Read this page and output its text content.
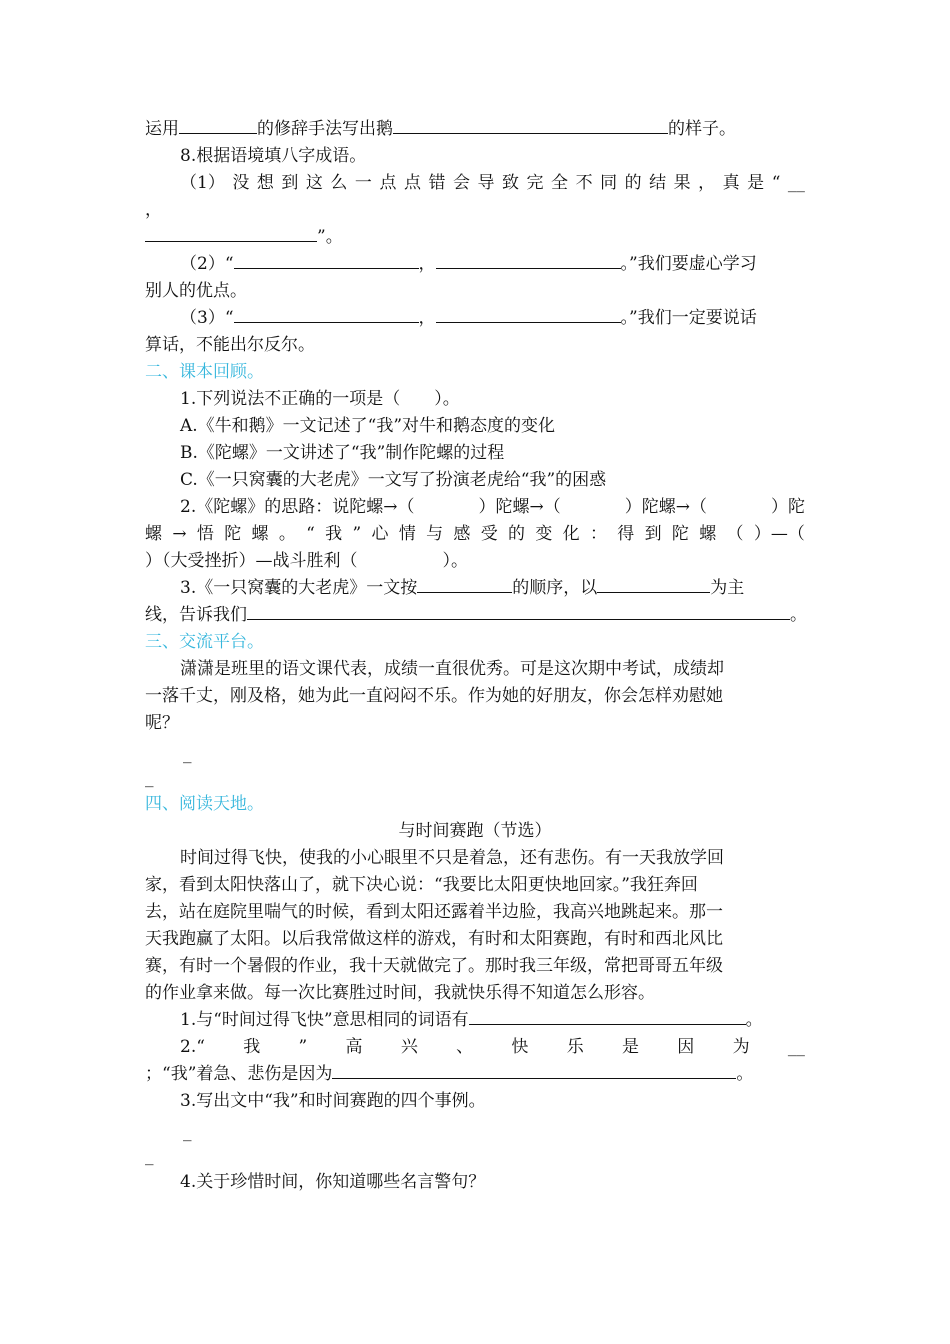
运用	的修辞手法写出鹅	的样子。
8.根据语境填八字成语。
（1） 没 想 到 这 么 一 点 点 错 会 导 致 完 全 不 同 的 结 果 ， 真 是 “ __
，
”。
（2）“	，	。”我们要虚心学习
别人的优点。
（3）“	，	。”我们一定要说话
算话，不能出尔反尔。
二、课本回顾。
1.下列说法不正确的一项是（　　）。
A.《牛和鹅》一文记述了“我”对牛和鹅态度的变化
B.《陀螺》一文讲述了“我”制作陀螺的过程
C.《一只窝囊的大老虎》一文写了扮演老虎给“我”的困惑
2.《陀螺》的思路：说陀螺→（	）陀螺→（	）陀螺→（	）陀
螺 → 悟 陀 螺 。 “ 我 ” 心 情 与 感 受 的 变 化 ： 得 到 陀 螺 （ ）—（
）（大受挫折）—战斗胜利（　　　　　）。
3.《一只窝囊的大老虎》一文按	的顺序，以	为主
线，告诉我们	。
三、交流平台。
潇潇是班里的语文课代表，成绩一直很优秀。可是这次期中考试，成绩却
一落千丈，刚及格，她为此一直闷闷不乐。作为她的好朋友，你会怎样劝慰她
呢？
_
_
四、阅读天地。
与时间赛跑（节选）
时间过得飞快，使我的小心眼里不只是着急，还有悲伤。有一天我放学回
家，看到太阳快落山了，就下决心说：“我要比太阳更快地回家。”我狂奔回
去，站在庭院里喘气的时候，看到太阳还露着半边脸，我高兴地跳起来。那一
天我跑赢了太阳。以后我常做这样的游戏，有时和太阳赛跑，有时和西北风比
赛，有时一个暑假的作业，我十天就做完了。那时我三年级，常把哥哥五年级
的作业拿来做。每一次比赛胜过时间，我就快乐得不知道怎么形容。
1.与“时间过得飞快”意思相同的词语有	。
2.“ 我 ” 高 兴 、 快 乐 是 因 为 __
；“我”着急、悲伤是因为	。
3.写出文中“我”和时间赛跑的四个事例。
_
_
4.关于珍惜时间，你知道哪些名言警句？
